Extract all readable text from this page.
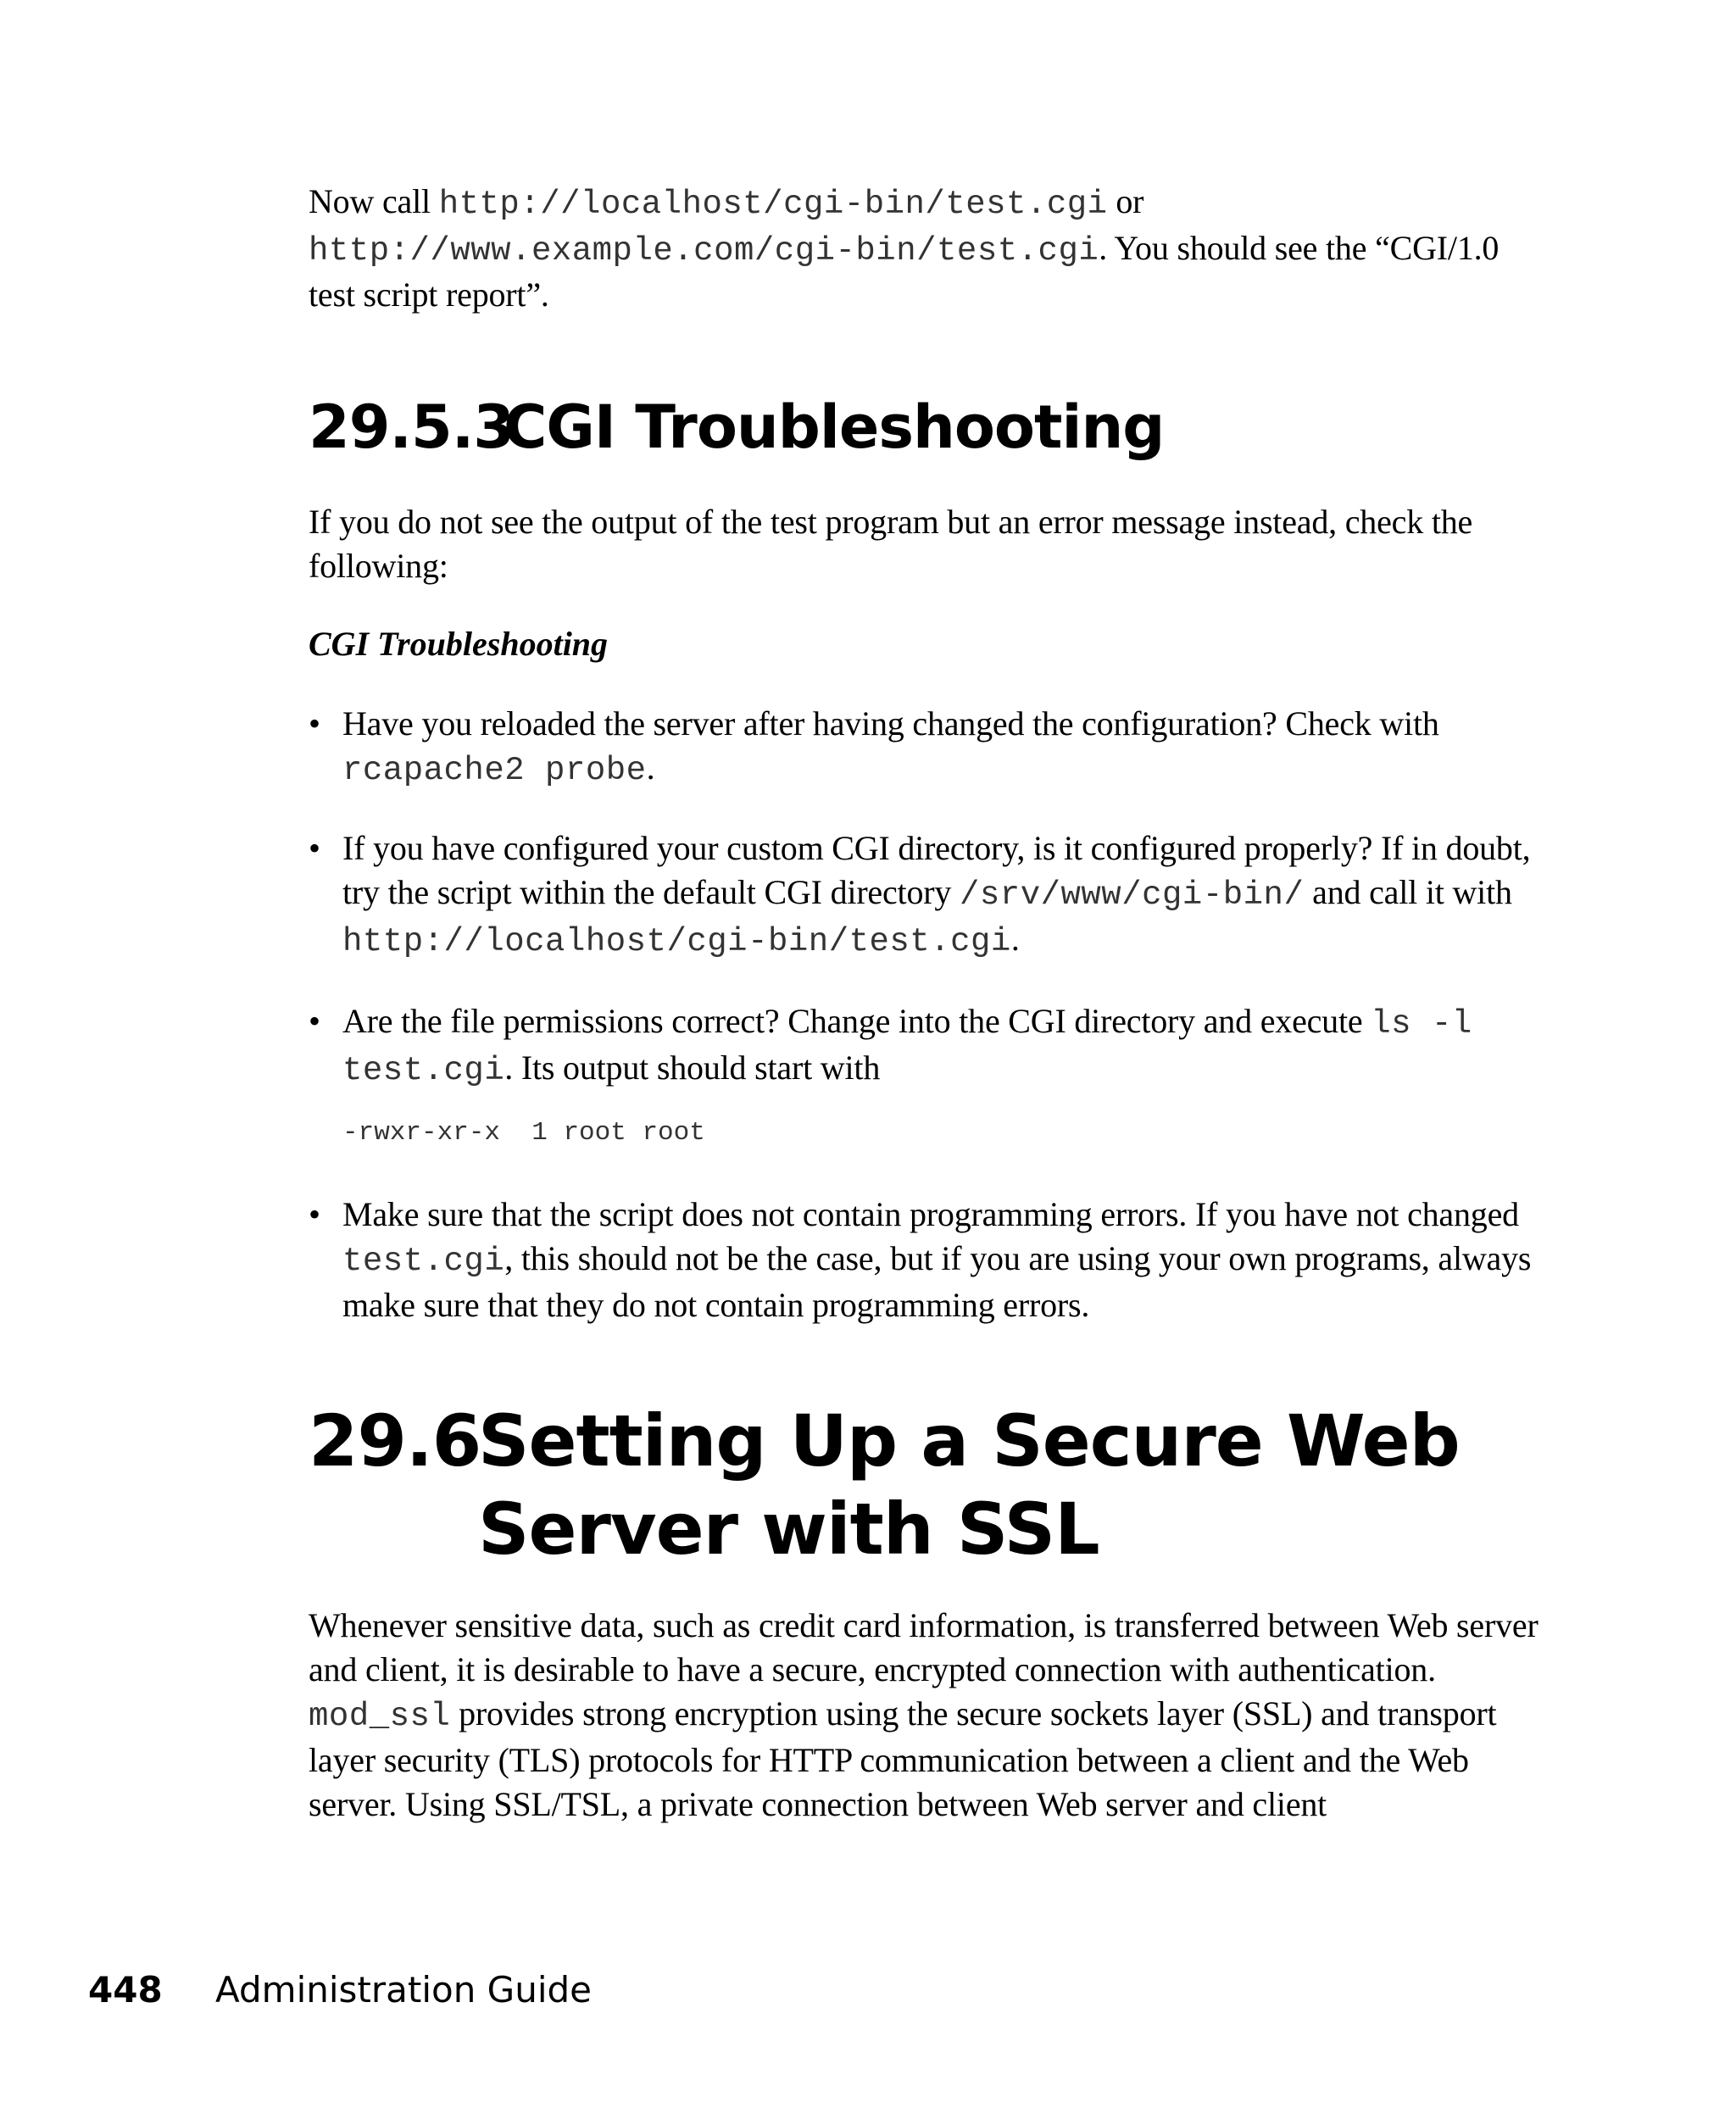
Now call http://localhost/cgi-bin/test.cgi or
http://www.example.com/cgi-bin/test.cgi. You should see the “CGI/1.0 test script report”.

29.5.3CGI Troubleshooting

If you do not see the output of the test program but an error message instead, check the following:

CGI Troubleshooting

• Have you reloaded the server after having changed the configuration? Check with rcapache2 probe.

• If you have configured your custom CGI directory, is it configured properly? If in doubt, try the script within the default CGI directory /srv/www/cgi-bin/ and call it with http://localhost/cgi-bin/test.cgi.

• Are the file permissions correct? Change into the CGI directory and execute ls -l test.cgi. Its output should start with

-rwxr-xr-x  1 root root
• Make sure that the script does not contain programming errors. If you have not changed test.cgi, this should not be the case, but if you are using your own programs, always make sure that they do not contain programming errors.

29.6
Setting Up a Secure Web Server with SSL

Whenever sensitive data, such as credit card information, is transferred between Web server and client, it is desirable to have a secure, encrypted connection with authentication. mod_ssl provides strong encryption using the secure sockets layer (SSL) and transport layer security (TLS) protocols for HTTP communication between a client and the Web server. Using SSL/TSL, a private connection between Web server and client

448 Administration Guide
